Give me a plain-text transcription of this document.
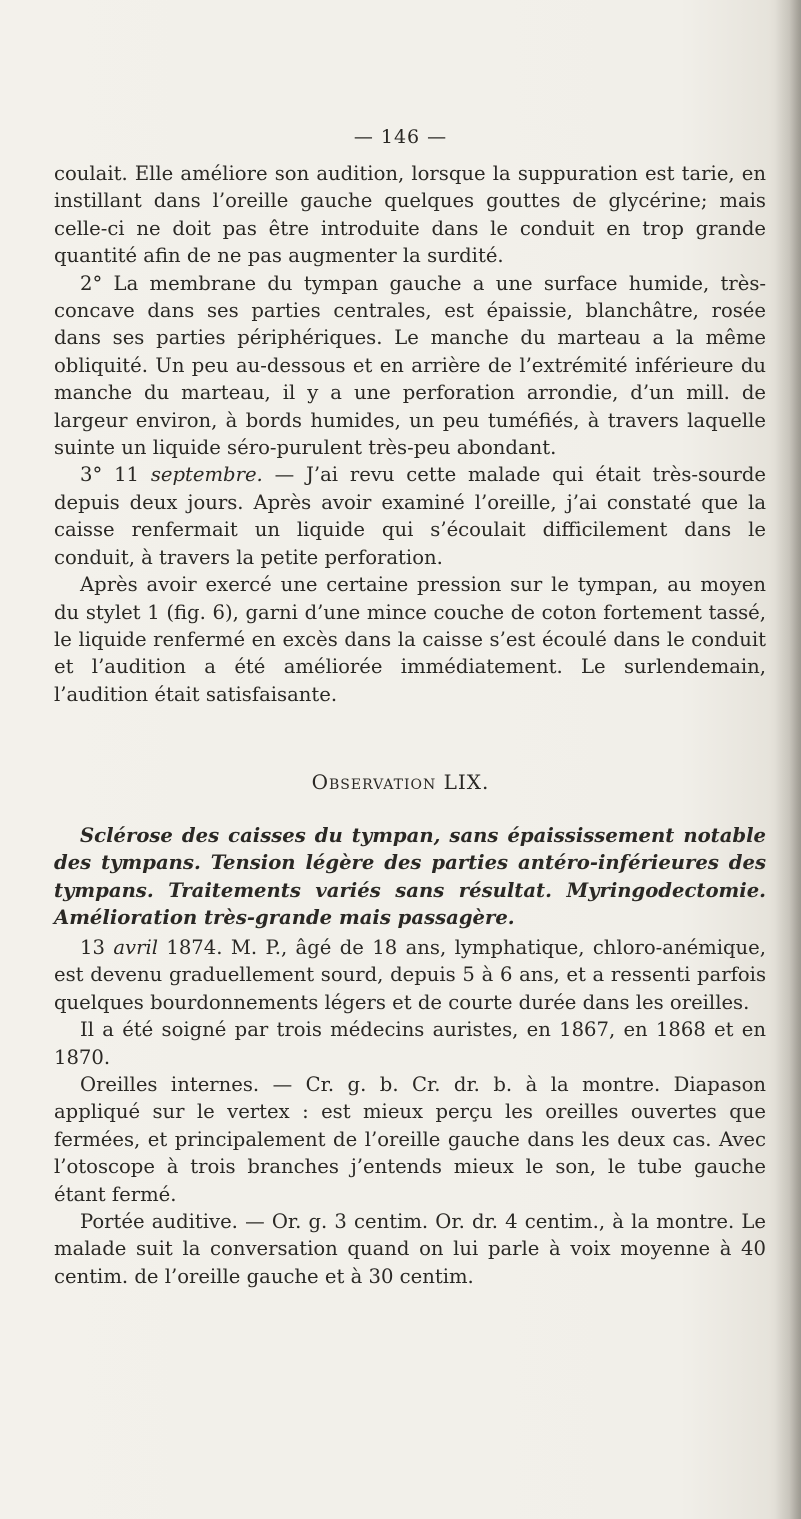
— 146 —

coulait. Elle améliore son audition, lorsque la suppuration est tarie, en instillant dans l’oreille gauche quelques gouttes de glycérine; mais celle-ci ne doit pas être introduite dans le conduit en trop grande quantité afin de ne pas augmenter la surdité.

2° La membrane du tympan gauche a une surface humide, très-concave dans ses parties centrales, est épaissie, blanchâtre, rosée dans ses parties périphériques. Le manche du marteau a la même obliquité. Un peu au-dessous et en arrière de l’extrémité inférieure du manche du marteau, il y a une perforation arrondie, d’un mill. de largeur environ, à bords humides, un peu tuméfiés, à travers laquelle suinte un liquide séro-purulent très-peu abondant.

3° 11 septembre. — J’ai revu cette malade qui était très-sourde depuis deux jours. Après avoir examiné l’oreille, j’ai constaté que la caisse renfermait un liquide qui s’écoulait difficilement dans le conduit, à travers la petite perforation.

Après avoir exercé une certaine pression sur le tympan, au moyen du stylet 1 (fig. 6), garni d’une mince couche de coton fortement tassé, le liquide renfermé en excès dans la caisse s’est écoulé dans le conduit et l’audition a été améliorée immédiatement. Le surlendemain, l’audition était satisfaisante.

Observation LIX.
Sclérose des caisses du tympan, sans épaississement notable des tympans. Tension légère des parties antéro-inférieures des tympans. Traitements variés sans résultat. Myringodectomie. Amélioration très-grande mais passagère.

13 avril 1874. M. P., âgé de 18 ans, lymphatique, chloro-anémique, est devenu graduellement sourd, depuis 5 à 6 ans, et a ressenti parfois quelques bourdonnements légers et de courte durée dans les oreilles.

Il a été soigné par trois médecins auristes, en 1867, en 1868 et en 1870.

Oreilles internes. — Cr. g. b. Cr. dr. b. à la montre. Diapason appliqué sur le vertex : est mieux perçu les oreilles ouvertes que fermées, et principalement de l’oreille gauche dans les deux cas. Avec l’otoscope à trois branches j’entends mieux le son, le tube gauche étant fermé.

Portée auditive. — Or. g. 3 centim. Or. dr. 4 centim., à la montre. Le malade suit la conversation quand on lui parle à voix moyenne à 40 centim. de l’oreille gauche et à 30 centim.
